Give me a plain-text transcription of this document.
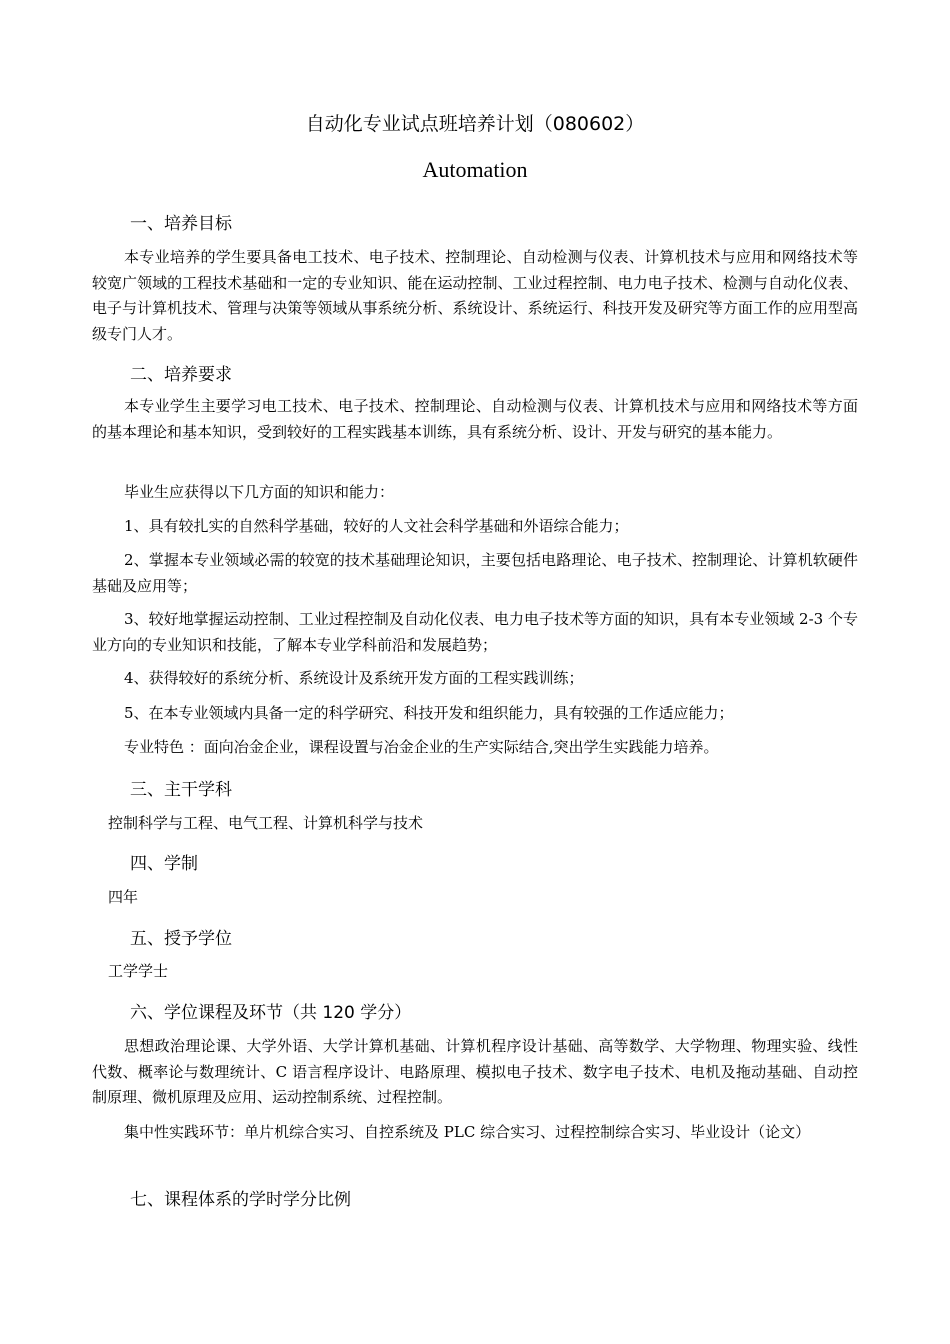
自动化专业试点班培养计划（080602）
Automation
一、培养目标

本专业培养的学生要具备电工技术、电子技术、控制理论、自动检测与仪表、计算机技术与应用和网络技术等较宽广领域的工程技术基础和一定的专业知识、能在运动控制、工业过程控制、电力电子技术、检测与自动化仪表、电子与计算机技术、管理与决策等领域从事系统分析、系统设计、系统运行、科技开发及研究等方面工作的应用型高级专门人才。

二、培养要求

本专业学生主要学习电工技术、电子技术、控制理论、自动检测与仪表、计算机技术与应用和网络技术等方面的基本理论和基本知识，受到较好的工程实践基本训练，具有系统分析、设计、开发与研究的基本能力。

毕业生应获得以下几方面的知识和能力：

1、具有较扎实的自然科学基础，较好的人文社会科学基础和外语综合能力；

2、掌握本专业领域必需的较宽的技术基础理论知识，主要包括电路理论、电子技术、控制理论、计算机软硬件基础及应用等；

3、较好地掌握运动控制、工业过程控制及自动化仪表、电力电子技术等方面的知识，具有本专业领域 2-3 个专业方向的专业知识和技能，了解本专业学科前沿和发展趋势；

4、获得较好的系统分析、系统设计及系统开发方面的工程实践训练；

5、在本专业领域内具备一定的科学研究、科技开发和组织能力，具有较强的工作适应能力；

专业特色 ：面向冶金企业，课程设置与冶金企业的生产实际结合,突出学生实践能力培养。

三、主干学科
控制科学与工程、电气工程、计算机科学与技术
四、学制
四年
五、授予学位
工学学士
六、学位课程及环节（共 120 学分）

思想政治理论课、大学外语、大学计算机基础、计算机程序设计基础、高等数学、大学物理、物理实验、线性代数、概率论与数理统计、C 语言程序设计、电路原理、模拟电子技术、数字电子技术、电机及拖动基础、自动控制原理、微机原理及应用、运动控制系统、过程控制。

集中性实践环节：单片机综合实习、自控系统及 PLC 综合实习、过程控制综合实习、毕业设计（论文）

七、课程体系的学时学分比例
